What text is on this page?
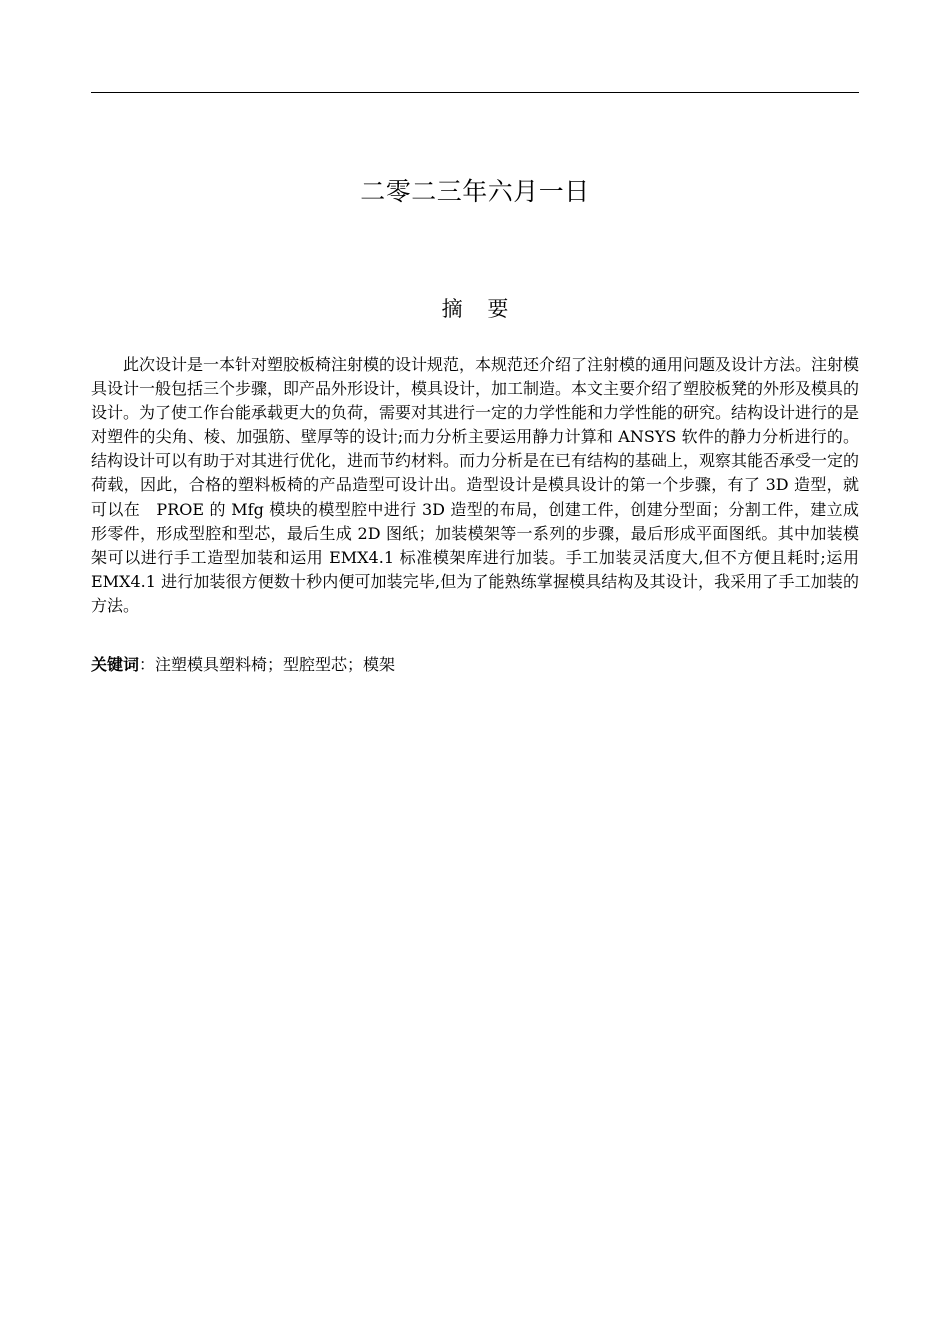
二零二三年六月一日
摘 要

此次设计是一本针对塑胶板椅注射模的设计规范，本规范还介绍了注射模的通用问题及设计方法。注射模具设计一般包括三个步骤，即产品外形设计，模具设计，加工制造。本文主要介绍了塑胶板凳的外形及模具的设计。为了使工作台能承载更大的负荷，需要对其进行一定的力学性能和力学性能的研究。结构设计进行的是对塑件的尖角、棱、加强筋、壁厚等的设计;而力分析主要运用静力计算和 ANSYS 软件的静力分析进行的。结构设计可以有助于对其进行优化，进而节约材料。而力分析是在已有结构的基础上，观察其能否承受一定的荷载，因此，合格的塑料板椅的产品造型可设计出。造型设计是模具设计的第一个步骤，有了 3D 造型，就可以在　PROE 的 Mfg 模块的模型腔中进行 3D 造型的布局，创建工件，创建分型面；分割工件，建立成形零件，形成型腔和型芯，最后生成 2D 图纸；加装模架等一系列的步骤，最后形成平面图纸。其中加装模架可以进行手工造型加装和运用 EMX4.1 标准模架库进行加装。手工加装灵活度大,但不方便且耗时;运用 EMX4.1 进行加装很方便数十秒内便可加装完毕,但为了能熟练掌握模具结构及其设计，我采用了手工加装的方法。

关键词：注塑模具塑料椅；型腔型芯；模架
